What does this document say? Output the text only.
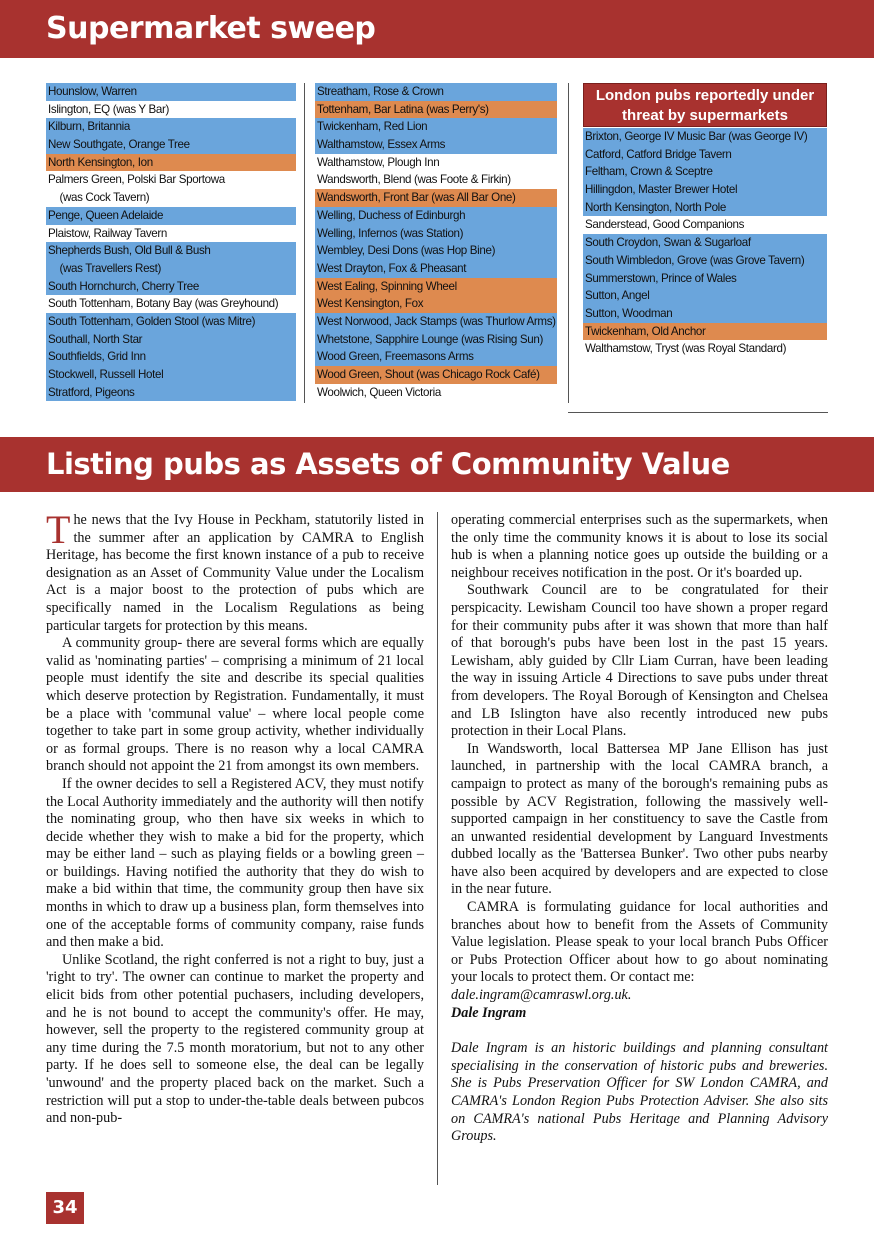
Supermarket sweep
Hounslow, Warren
Islington, EQ (was Y Bar)
Kilburn, Britannia
New Southgate, Orange Tree
North Kensington, Ion
Palmers Green, Polski Bar Sportowa
(was Cock Tavern)
Penge, Queen Adelaide
Plaistow, Railway Tavern
Shepherds Bush, Old Bull & Bush
(was Travellers Rest)
South Hornchurch, Cherry Tree
South Tottenham, Botany Bay (was Greyhound)
South Tottenham, Golden Stool (was Mitre)
Southall, North Star
Southfields, Grid Inn
Stockwell, Russell Hotel
Stratford, Pigeons
Streatham, Rose & Crown
Tottenham, Bar Latina (was Perry's)
Twickenham, Red Lion
Walthamstow, Essex Arms
Walthamstow, Plough Inn
Wandsworth, Blend (was Foote & Firkin)
Wandsworth, Front Bar (was All Bar One)
Welling, Duchess of Edinburgh
Welling, Infernos (was Station)
Wembley, Desi Dons (was Hop Bine)
West Drayton, Fox & Pheasant
West Ealing, Spinning Wheel
West Kensington, Fox
West Norwood, Jack Stamps (was Thurlow Arms)
Whetstone, Sapphire Lounge (was Rising Sun)
Wood Green, Freemasons Arms
Wood Green, Shout (was Chicago Rock Café)
Woolwich, Queen Victoria
London pubs reportedly under threat by supermarkets
Brixton, George IV Music Bar (was George IV)
Catford, Catford Bridge Tavern
Feltham, Crown & Sceptre
Hillingdon, Master Brewer Hotel
North Kensington, North Pole
Sanderstead, Good Companions
South Croydon, Swan & Sugarloaf
South Wimbledon, Grove (was Grove Tavern)
Summerstown, Prince of Wales
Sutton, Angel
Sutton, Woodman
Twickenham, Old Anchor
Walthamstow, Tryst (was Royal Standard)
Listing pubs as Assets of Community Value

The news that the Ivy House in Peckham, statutorily listed in the summer after an application by CAMRA to English Heritage, has become the first known instance of a pub to receive designation as an Asset of Community Value under the Localism Act is a major boost to the protection of pubs which are specifically named in the Localism Regulations as being particular targets for protection by this means.

A community group- there are several forms which are equally valid as 'nominating parties' – comprising a minimum of 21 local people must identify the site and describe its special qualities which deserve protection by Registration. Fundamentally, it must be a place with 'communal value' – where local people come together to take part in some group activity, whether individually or as formal groups. There is no reason why a local CAMRA branch should not appoint the 21 from amongst its own members.

If the owner decides to sell a Registered ACV, they must notify the Local Authority immediately and the authority will then notify the nominating group, who then have six weeks in which to decide whether they wish to make a bid for the property, which may be either land – such as playing fields or a bowling green – or buildings. Having notified the authority that they do wish to make a bid within that time, the community group then have six months in which to draw up a business plan, form themselves into one of the acceptable forms of community company, raise funds and then make a bid.

Unlike Scotland, the right conferred is not a right to buy, just a 'right to try'. The owner can continue to market the property and elicit bids from other potential puchasers, including developers, and he is not bound to accept the community's offer. He may, however, sell the property to the registered community group at any time during the 7.5 month moratorium, but not to any other party. If he does sell to someone else, the deal can be legally 'unwound' and the property placed back on the market. Such a restriction will put a stop to under-the-table deals between pubcos and non-pub-

operating commercial enterprises such as the supermarkets, when the only time the community knows it is about to lose its social hub is when a planning notice goes up outside the building or a neighbour receives notification in the post. Or it's boarded up.

Southwark Council are to be congratulated for their perspicacity. Lewisham Council too have shown a proper regard for their community pubs after it was shown that more than half of that borough's pubs have been lost in the past 15 years. Lewisham, ably guided by Cllr Liam Curran, have been leading the way in issuing Article 4 Directions to save pubs under threat from developers. The Royal Borough of Kensington and Chelsea and LB Islington have also recently introduced new pubs protection in their Local Plans.

In Wandsworth, local Battersea MP Jane Ellison has just launched, in partnership with the local CAMRA branch, a campaign to protect as many of the borough's remaining pubs as possible by ACV Registration, following the massively well-supported campaign in her constituency to save the Castle from an unwanted residential development by Languard Investments dubbed locally as the 'Battersea Bunker'. Two other pubs nearby have also been acquired by developers and are expected to close in the near future.

CAMRA is formulating guidance for local authorities and branches about how to benefit from the Assets of Community Value legislation. Please speak to your local branch Pubs Officer or Pubs Protection Officer about how to go about nominating your locals to protect them. Or contact me:

dale.ingram@camraswl.org.uk.

Dale Ingram

Dale Ingram is an historic buildings and planning consultant specialising in the conservation of historic pubs and breweries. She is Pubs Preservation Officer for SW London CAMRA, and CAMRA's London Region Pubs Protection Adviser. She also sits on CAMRA's national Pubs Heritage and Planning Advisory Groups.

34
